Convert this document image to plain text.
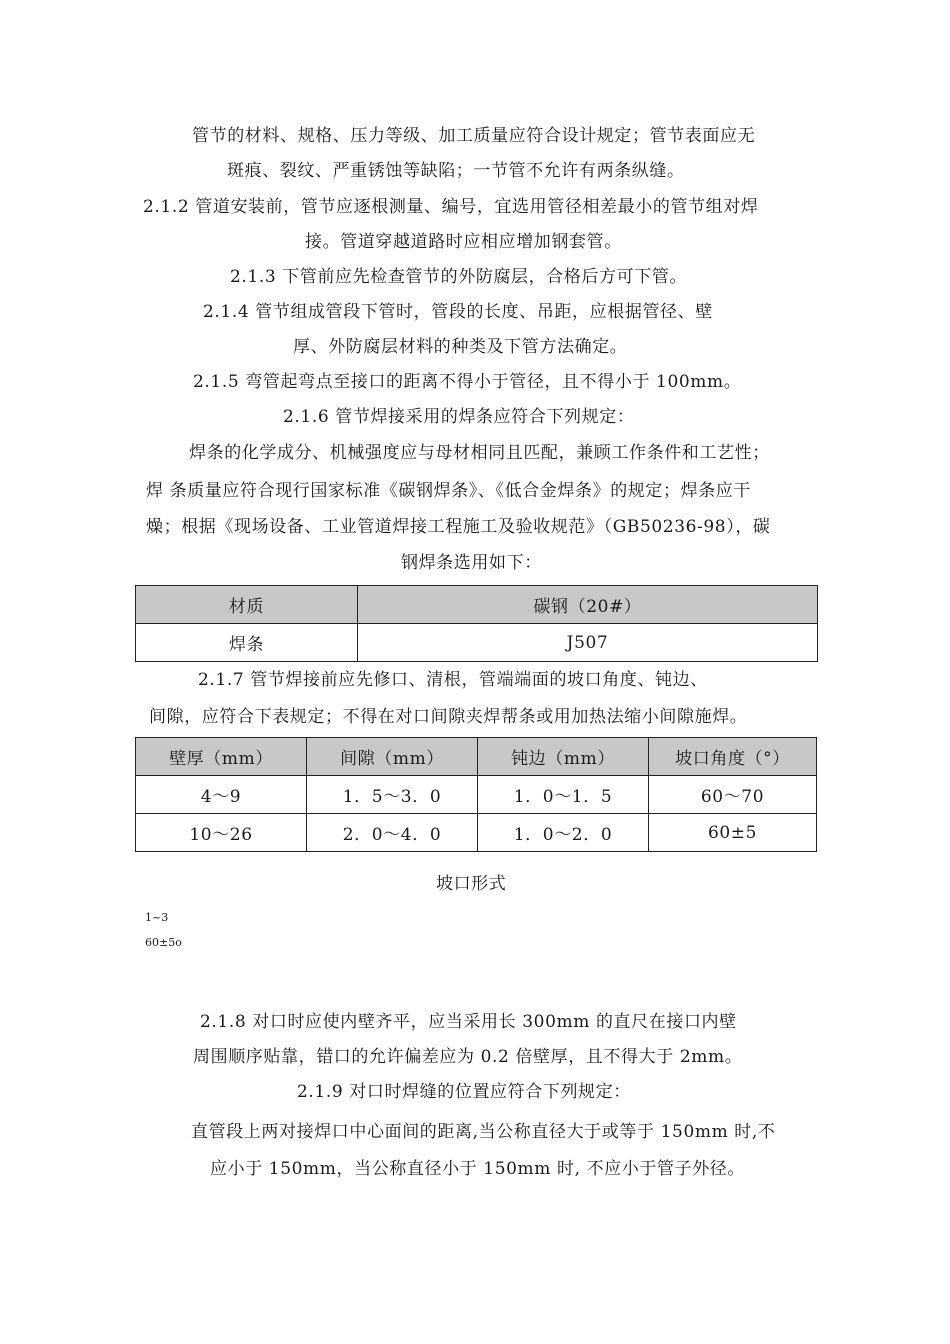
管节的材料、规格、压力等级、加工质量应符合设计规定；管节表面应无
斑痕、裂纹、严重锈蚀等缺陷；一节管不允许有两条纵缝。
2.1.2 管道安装前，管节应逐根测量、编号，宜选用管径相差最小的管节组对焊
接。管道穿越道路时应相应增加钢套管。
2.1.3 下管前应先检查管节的外防腐层，合格后方可下管。
2.1.4 管节组成管段下管时，管段的长度、吊距，应根据管径、壁
厚、外防腐层材料的种类及下管方法确定。
2.1.5 弯管起弯点至接口的距离不得小于管径，且不得小于 100mm。
2.1.6 管节焊接采用的焊条应符合下列规定：
焊条的化学成分、机械强度应与母材相同且匹配，兼顾工作条件和工艺性；
焊 条质量应符合现行国家标准《碳钢焊条》、《低合金焊条》的规定；焊条应干
燥；根据《现场设备、工业管道焊接工程施工及验收规范》（GB50236-98），碳
钢焊条选用如下：
材质	碳钢（20#）
焊条	J507
2.1.7 管节焊接前应先修口、清根，管端端面的坡口角度、钝边、
间隙，应符合下表规定；不得在对口间隙夹焊帮条或用加热法缩小间隙施焊。
壁厚（mm）	间隙（mm）	钝边（mm）	坡口角度（°）
4～9	1．5～3．0	1．0～1．5	60～70
10～26	2．0～4．0	1．0～2．0	60±5
坡口形式
1~3
60±5o
2.1.8 对口时应使内壁齐平，应当采用长 300mm 的直尺在接口内壁
周围顺序贴靠，错口的允许偏差应为 0.2 倍壁厚，且不得大于 2mm。
2.1.9 对口时焊缝的位置应符合下列规定：
直管段上两对接焊口中心面间的距离,当公称直径大于或等于 150mm 时,不
应小于 150mm，当公称直径小于 150mm 时, 不应小于管子外径。
